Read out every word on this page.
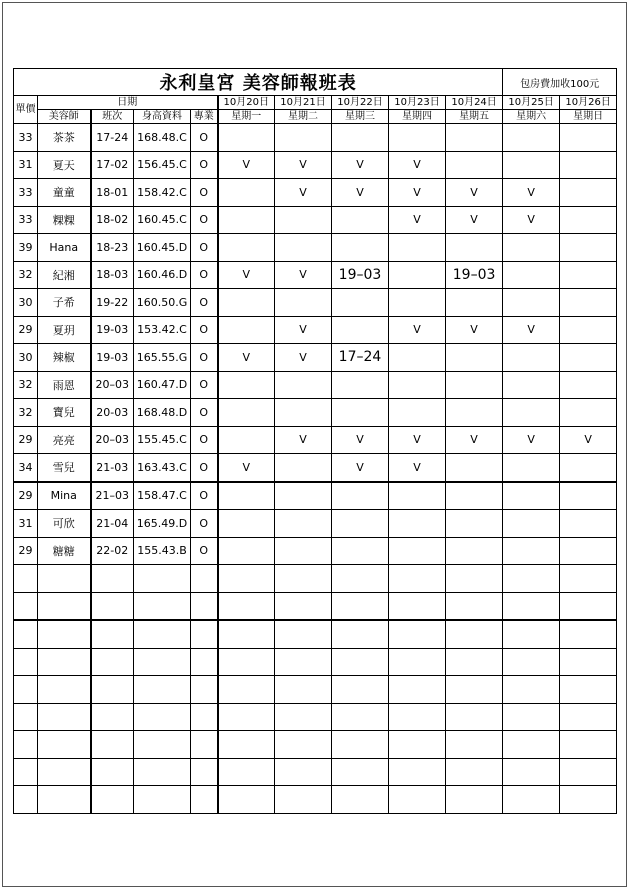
永利皇宮 美容師報班表										包房費加收100元	
單價	日期				10月20日	10月21日	10月22日	10月23日	10月24日	10月25日	10月26日
	美容師	班次	身高資料	專業	星期一	星期二	星期三	星期四	星期五	星期六	星期日
33	茶茶	17-24	168.48.C	O							
31	夏天	17-02	156.45.C	O	V	V	V	V			
33	童童	18-01	158.42.C	O		V	V	V	V	V	
33	粿粿	18-02	160.45.C	O				V	V	V	
39	Hana	18-23	160.45.D	O							
32	紀湘	18-03	160.46.D	O	V	V	19–03		19–03		
30	子希	19-22	160.50.G	O							
29	夏玥	19-03	153.42.C	O		V		V	V	V	
30	辣椒	19-03	165.55.G	O	V	V	17–24				
32	雨恩	20–03	160.47.D	O							
32	寶兒	20-03	168.48.D	O							
29	亮亮	20–03	155.45.C	O		V	V	V	V	V	V
34	雪兒	21-03	163.43.C	O	V		V	V			
29	Mina	21–03	158.47.C	O							
31	可欣	21-04	165.49.D	O							
29	糖糖	22-02	155.43.B	O							
